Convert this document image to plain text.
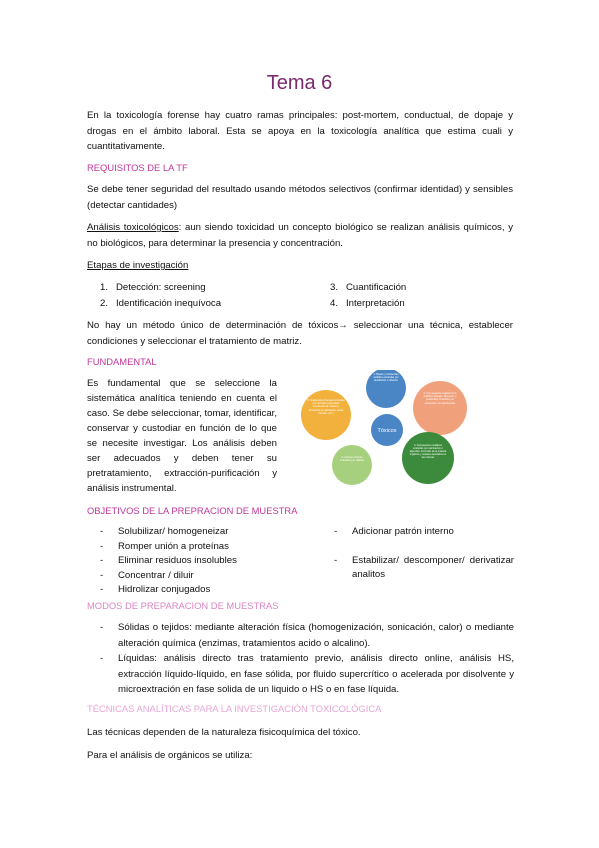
Tema 6
En la toxicología forense hay cuatro ramas principales: post-mortem, conductual, de dopaje y drogas en el ámbito laboral. Esta se apoya en la toxicología analítica que estima cuali y cuantitativamente.
REQUISITOS DE LA TF
Se debe tener seguridad del resultado usando métodos selectivos (confirmar identidad) y sensibles (detectar cantidades)
Análisis toxicológicos: aun siendo toxicidad un concepto biológico se realizan análisis químicos, y no biológicos, para determinar la presencia y concentración.
Etapas de investigación
1. Detección: screening
2. Identificación inequívoca
3. Cuantificación
4. Interpretación
No hay un método único de determinación de tóxicos→ seleccionar una técnica, establecer condiciones y seleccionar el tratamiento de matriz.
FUNDAMENTAL
Es fundamental que se seleccione la sistemática analítica teniendo en cuenta el caso. Se debe seleccionar, tomar, identificar, conservar y custodiar en función de lo que se necesite investigar. Los análisis deben ser adecuados y deben tener su pretratamiento, extracción-purificación y análisis instrumental.
Tóxicos
1. Bases y sustancias volátiles extraídas por destilación o difusión
2. Compuestos orgánicos no volátiles (drogas, fármacos y pesticidas) extraídos por extracción con disolventes
3. Compuestos metálicos extraídos por calcinación o digestión. Formado de la materia orgánica y metales asociados en las mismas
4. Aniones tóxicos extraídos por diálisis
5. Sustancias diversas extraídas por técnicas especiales (monóxido de carbono, formación de derivados, ácido fórmico, etc.)
OBJETIVOS DE LA PREPRACION DE MUESTRA
- Solubilizar/ homogeneizar
- Romper unión a proteínas
- Eliminar residuos insolubles
- Concentrar / diluir
- Hidrolizar conjugados
-	Adicionar patrón interno
-	Estabilizar/ descomponer/ derivatizar analitos
MODOS DE PREPARACION DE MUESTRAS
-	Sólidas o tejidos: mediante alteración física (homogenización, sonicación, calor) o mediante alteración química (enzimas, tratamientos acido o alcalino).
-	Líquidas: análisis directo tras tratamiento previo, análisis directo online, análisis HS, extracción líquido-líquido, en fase sólida, por fluido supercrítico o acelerada por disolvente y microextración en fase solida de un liquido o HS o en fase líquida.
TÉCNICAS ANALÍTICAS PARA LA INVESTIGACIÓN TOXICOLÓGICA
Las técnicas dependen de la naturaleza fisicoquímica del tóxico.
Para el análisis de orgánicos se utiliza:
